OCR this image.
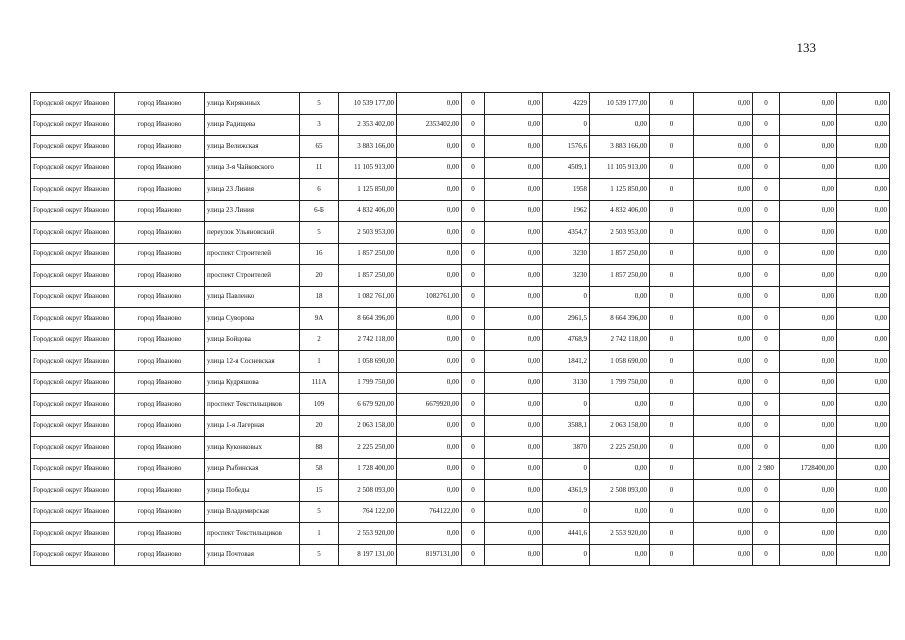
133
Городской округ Иваново	город Иваново	улица Кирякиных	5	10 539 177,00	0,00	0	0,00	4229	10 539 177,00	0	0,00	0	0,00	0,00
Городской округ Иваново	город Иваново	улица Радищева	3	2 353 402,00	2353402,00	0	0,00	0	0,00	0	0,00	0	0,00	0,00
Городской округ Иваново	город Иваново	улица Велижская	65	3 883 166,00	0,00	0	0,00	1576,6	3 883 166,00	0	0,00	0	0,00	0,00
Городской округ Иваново	город Иваново	улица 3-я Чайковского	11	11 105 913,00	0,00	0	0,00	4509,1	11 105 913,00	0	0,00	0	0,00	0,00
Городской округ Иваново	город Иваново	улица 23 Линия	6	1 125 850,00	0,00	0	0,00	1958	1 125 850,00	0	0,00	0	0,00	0,00
Городской округ Иваново	город Иваново	улица 23 Линия	6-Б	4 832 406,00	0,00	0	0,00	1962	4 832 406,00	0	0,00	0	0,00	0,00
Городской округ Иваново	город Иваново	переулок Ульяновский	5	2 503 953,00	0,00	0	0,00	4354,7	2 503 953,00	0	0,00	0	0,00	0,00
Городской округ Иваново	город Иваново	проспект Строителей	16	1 857 250,00	0,00	0	0,00	3230	1 857 250,00	0	0,00	0	0,00	0,00
Городской округ Иваново	город Иваново	проспект Строителей	20	1 857 250,00	0,00	0	0,00	3230	1 857 250,00	0	0,00	0	0,00	0,00
Городской округ Иваново	город Иваново	улица Павленко	18	1 082 761,00	1082761,00	0	0,00	0	0,00	0	0,00	0	0,00	0,00
Городской округ Иваново	город Иваново	улица Суворова	9А	8 664 396,00	0,00	0	0,00	2961,5	8 664 396,00	0	0,00	0	0,00	0,00
Городской округ Иваново	город Иваново	улица Бойцова	2	2 742 118,00	0,00	0	0,00	4768,9	2 742 118,00	0	0,00	0	0,00	0,00
Городской округ Иваново	город Иваново	улица 12-я Сосневская	1	1 058 690,00	0,00	0	0,00	1841,2	1 058 690,00	0	0,00	0	0,00	0,00
Городской округ Иваново	город Иваново	улица Кудряшова	111А	1 799 750,00	0,00	0	0,00	3130	1 799 750,00	0	0,00	0	0,00	0,00
Городской округ Иваново	город Иваново	проспект Текстильщиков	109	6 679 920,00	6679920,00	0	0,00	0	0,00	0	0,00	0	0,00	0,00
Городской округ Иваново	город Иваново	улица 1-я Лагерная	20	2 063 158,00	0,00	0	0,00	3588,1	2 063 158,00	0	0,00	0	0,00	0,00
Городской округ Иваново	город Иваново	улица Куконковых	88	2 225 250,00	0,00	0	0,00	3870	2 225 250,00	0	0,00	0	0,00	0,00
Городской округ Иваново	город Иваново	улица Рыбинская	58	1 728 400,00	0,00	0	0,00	0	0,00	0	0,00	2 980	1728400,00	0,00
Городской округ Иваново	город Иваново	улица Победы	15	2 508 093,00	0,00	0	0,00	4361,9	2 508 093,00	0	0,00	0	0,00	0,00
Городской округ Иваново	город Иваново	улица Владимирская	5	764 122,00	764122,00	0	0,00	0	0,00	0	0,00	0	0,00	0,00
Городской округ Иваново	город Иваново	проспект Текстильщиков	1	2 553 920,00	0,00	0	0,00	4441,6	2 553 920,00	0	0,00	0	0,00	0,00
Городской округ Иваново	город Иваново	улица Почтовая	5	8 197 131,00	8197131,00	0	0,00	0	0,00	0	0,00	0	0,00	0,00
